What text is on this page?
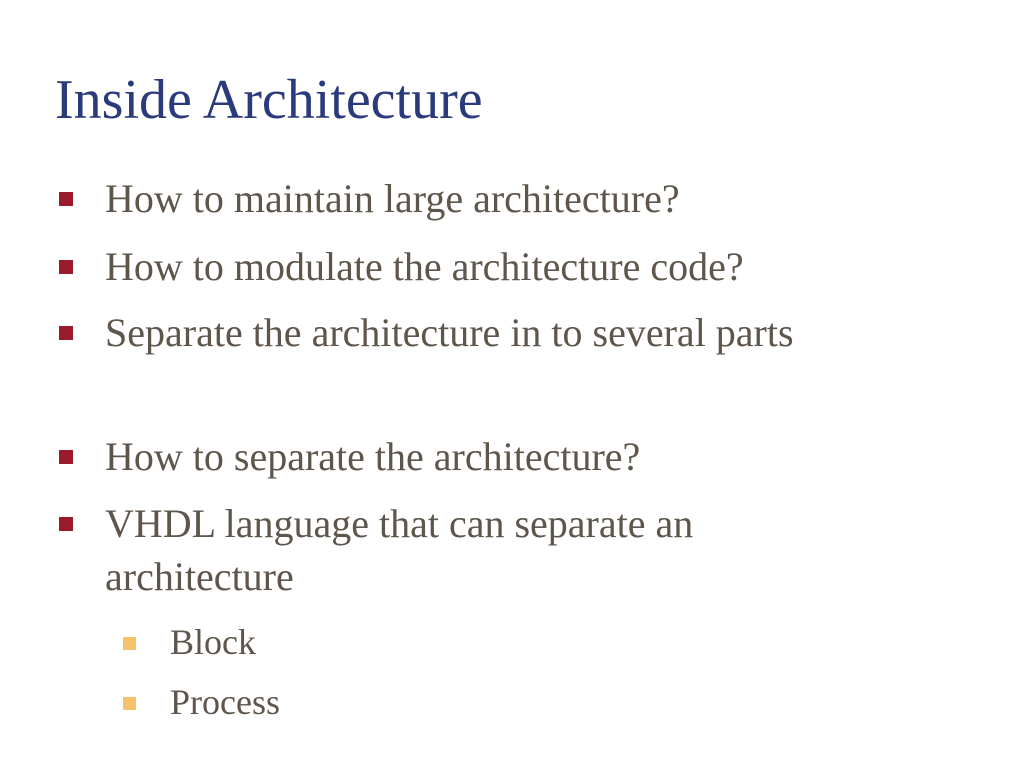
Inside Architecture
How to maintain large architecture?
How to modulate the architecture code?
Separate the architecture in to several parts
How to separate the architecture?
VHDL language that can separate an architecture
Block
Process
